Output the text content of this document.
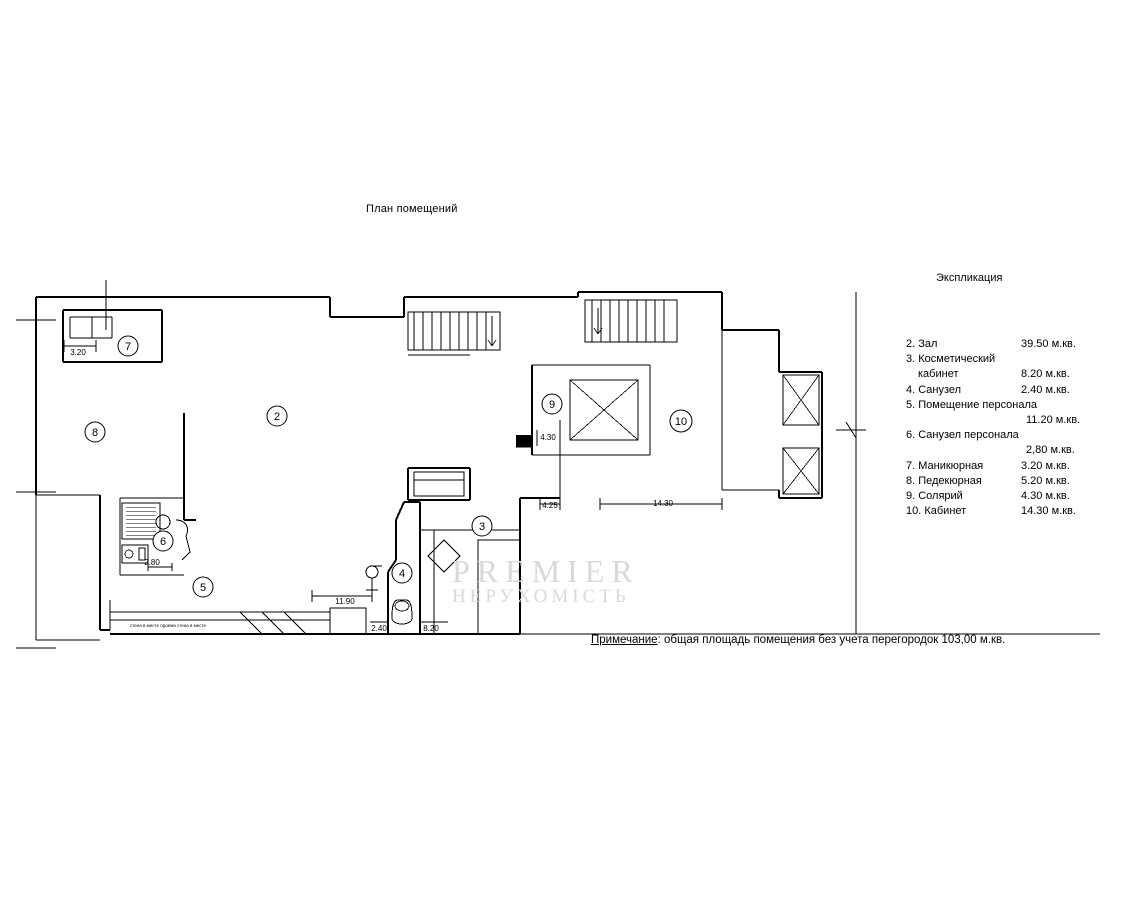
План помещений
Экспликация
2
3
4
5
6
7
8
9
10
3.20
2.80
11.90
2.40	8.20
4.25
4.30
14.30
стена в месте проема стена в месте
PREMIER
НЕРУХОМІСТЬ
2. Зал	39.50 м.кв.
3. Косметический
кабинет	8.20 м.кв.
4. Санузел	2.40 м.кв.
5. Помещение персонала
11.20 м.кв.
6. Санузел персонала
2,80 м.кв.
7. Маникюрная	3.20 м.кв.
8. Педекюрная	5.20 м.кв.
9. Солярий	4.30 м.кв.
10. Кабинет	14.30 м.кв.
Примечание: общая площадь помещения без учета перегородок 103,00 м.кв.
